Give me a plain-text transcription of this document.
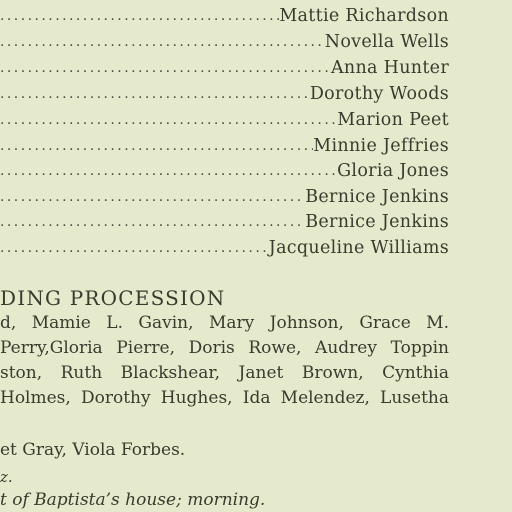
. . .
Mattie Richardson
. . .
Novella Wells
. . .
Anna Hunter
. . .
Dorothy Woods
. . .
Marion Peet
. . .
Minnie Jeffries
. . .
Gloria Jones
. . .
Bernice Jenkins
. . .
Bernice Jenkins
. . .
Jacqueline Williams
DING PROCESSION
d, Mamie L. Gavin, Mary Johnson, Grace M.
Perry,Gloria Pierre, Doris Rowe, Audrey Toppin
ston, Ruth Blackshear, Janet Brown, Cynthia
Holmes, Dorothy Hughes, Ida Melendez, Lusetha
et Gray, Viola Forbes.
z.
t of Baptista’s house; morning.
